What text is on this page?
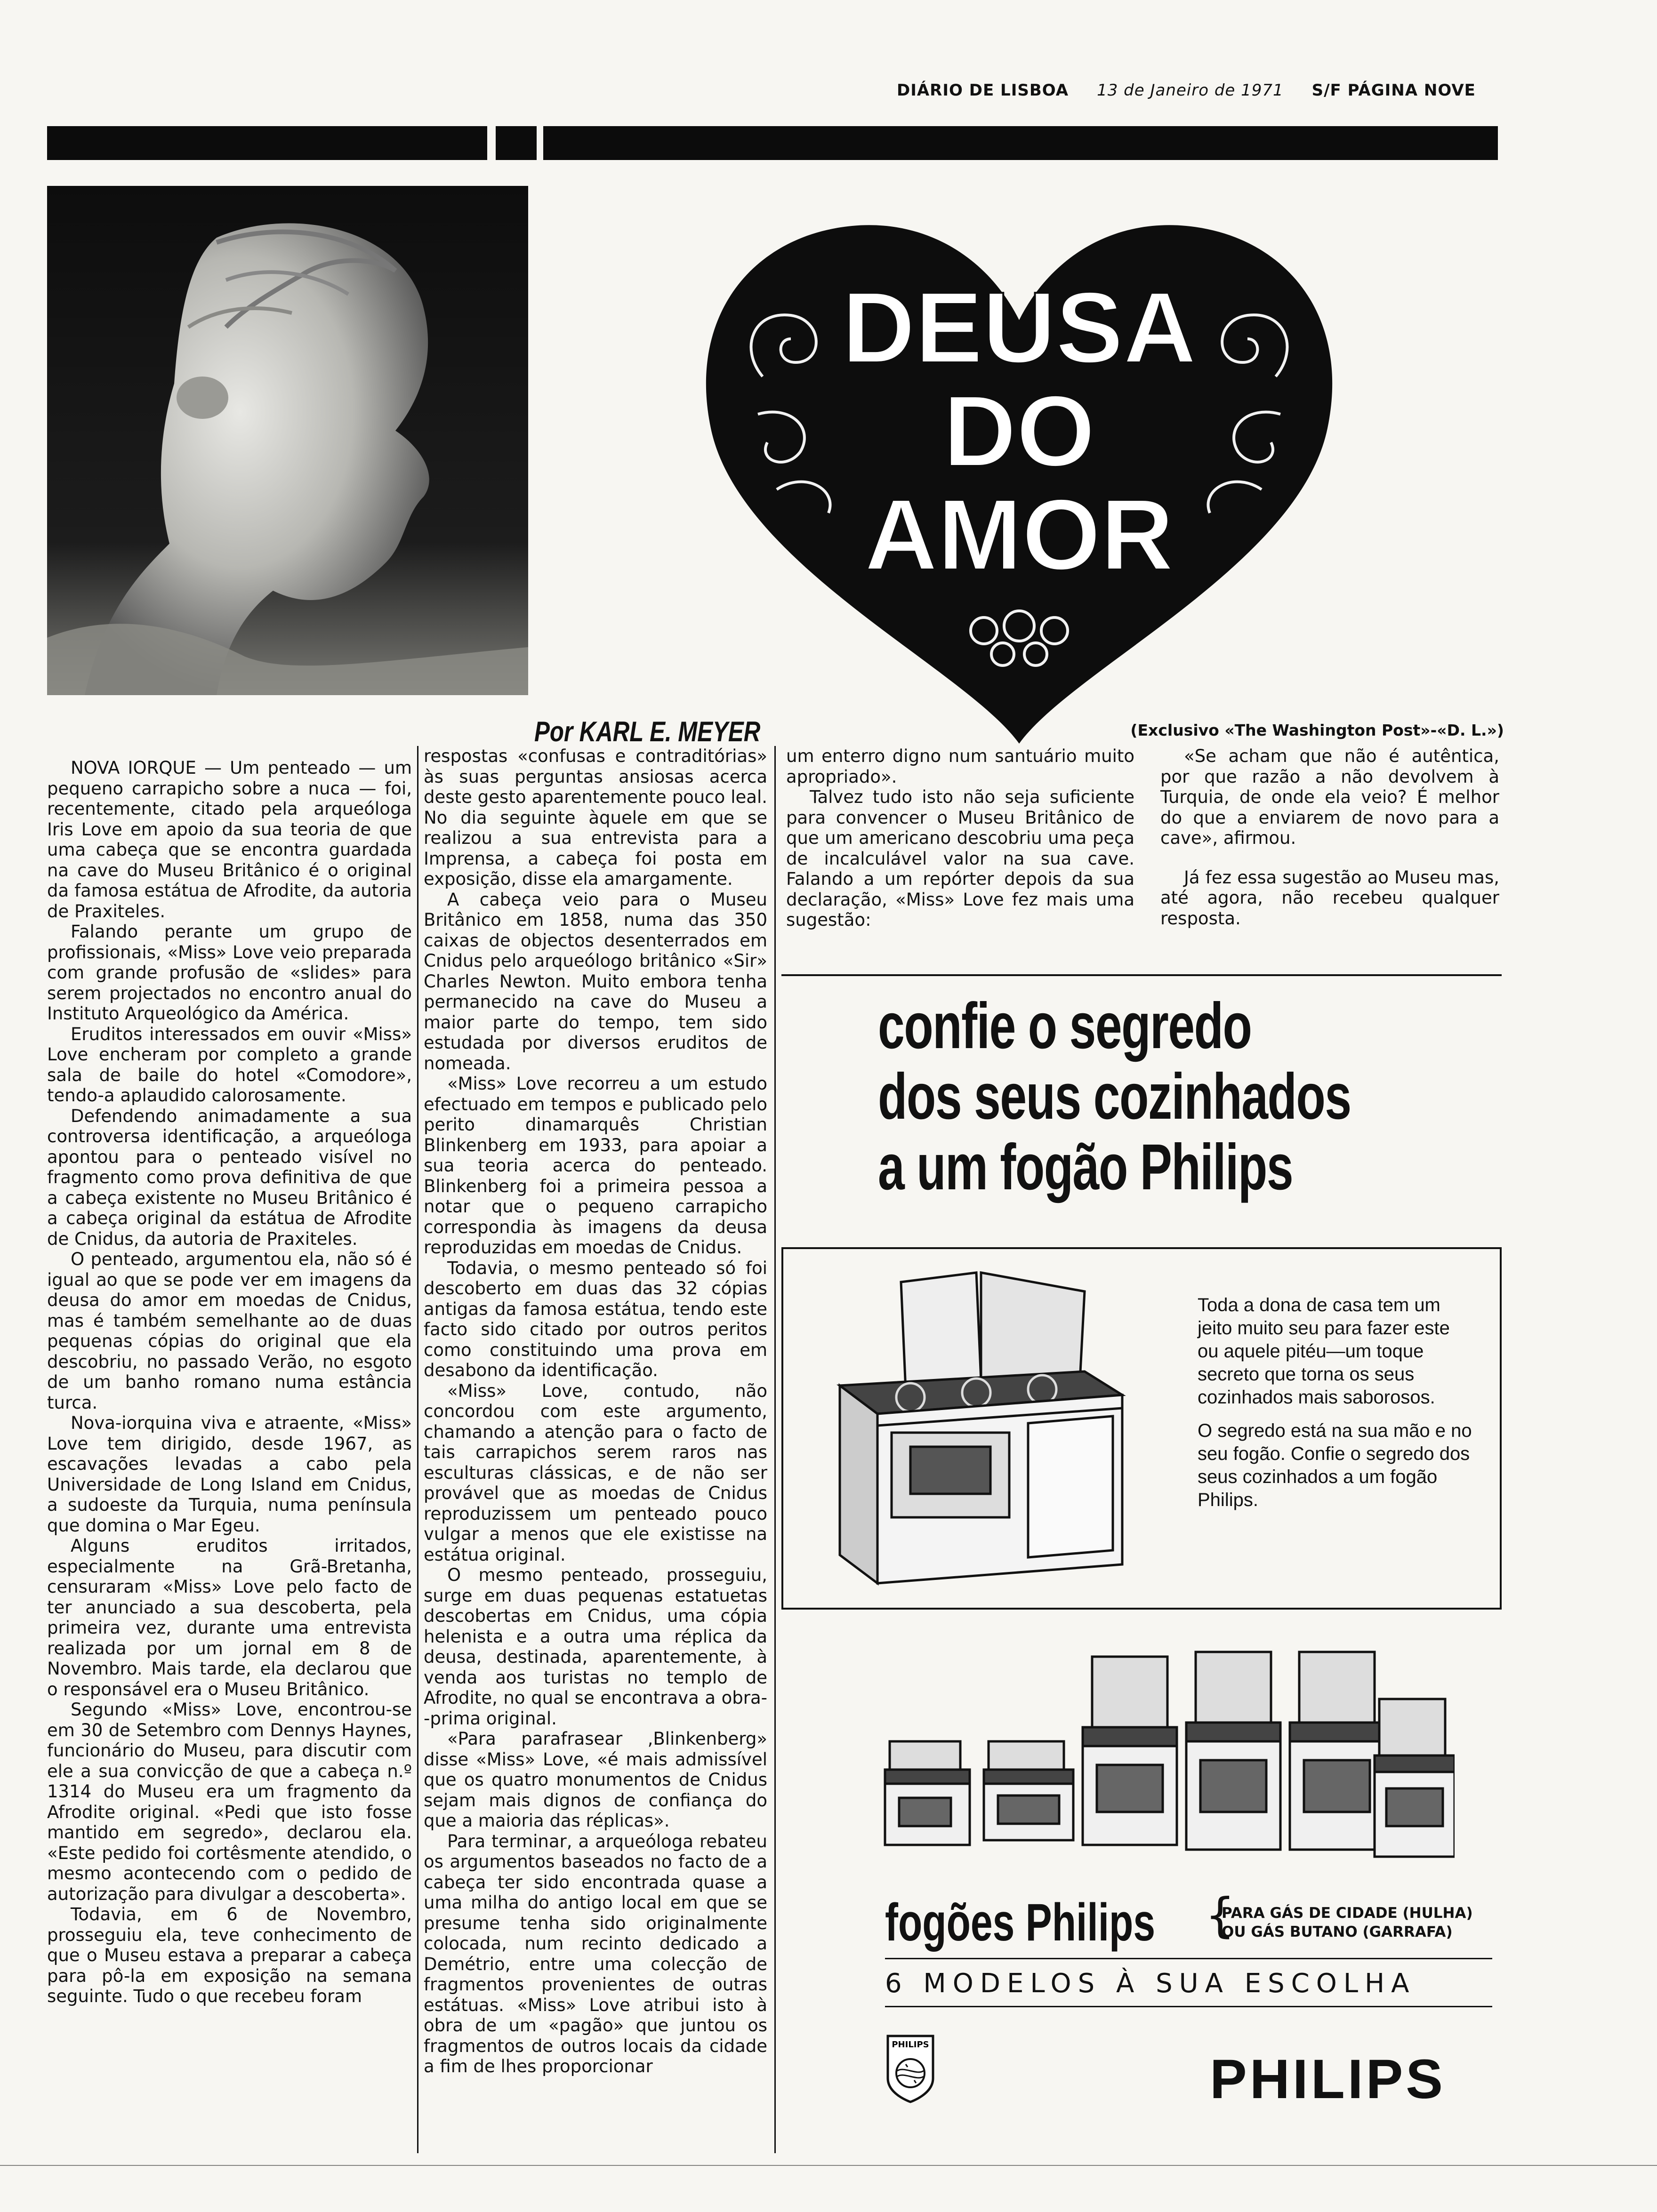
DIÁRIO DE LISBOA 13 de Janeiro de 1971 S/F PÁGINA NOVE
DEUSA
DO
AMOR
Por KARL E. MEYER	(Exclusivo «The Washington Post»-«D. L.»)

NOVA IORQUE — Um penteado — um pequeno carrapicho sobre a nuca — foi, recentemente, citado pela arqueóloga Iris Love em apoio da sua teoria de que uma cabeça que se encontra guardada na cave do Museu Britânico é o original da famosa estátua de Afrodite, da autoria de Praxiteles.

Falando perante um grupo de profissionais, «Miss» Love veio preparada com grande profusão de «slides» para serem projectados no encontro anual do Instituto Arqueológico da América.

Eruditos interessados em ouvir «Miss» Love encheram por completo a grande sala de baile do hotel «Comodore», tendo-a aplaudido calorosamente.

Defendendo animadamente a sua controversa identificação, a arqueóloga apontou para o penteado visível no fragmento como prova definitiva de que a cabeça existente no Museu Britânico é a cabeça original da estátua de Afrodite de Cnidus, da autoria de Praxiteles.

O penteado, argumentou ela, não só é igual ao que se pode ver em imagens da deusa do amor em moedas de Cnidus, mas é também semelhante ao de duas pequenas cópias do original que ela descobriu, no passado Verão, no esgoto de um banho romano numa estância turca.

Nova-iorquina viva e atraente, «Miss» Love tem dirigido, desde 1967, as escavações levadas a cabo pela Universidade de Long Island em Cnidus, a sudoeste da Turquia, numa península que domina o Mar Egeu.

Alguns eruditos irritados, especialmente na Grã-Bretanha, censuraram «Miss» Love pelo facto de ter anunciado a sua descoberta, pela primeira vez, durante uma entrevista realizada por um jornal em 8 de Novembro. Mais tarde, ela declarou que o responsável era o Museu Britânico.

Segundo «Miss» Love, encontrou-se em 30 de Setembro com Dennys Haynes, funcionário do Museu, para discutir com ele a sua convicção de que a cabeça n.º 1314 do Museu era um fragmento da Afrodite original. «Pedi que isto fosse mantido em segredo», declarou ela. «Este pedido foi cortêsmente atendido, o mesmo acontecendo com o pedido de autorização para divulgar a descoberta».

Todavia, em 6 de Novembro, prosseguiu ela, teve conhecimento de que o Museu estava a preparar a cabeça para pô-la em exposição na semana seguinte. Tudo o que recebeu foram

respostas «confusas e contraditórias» às suas perguntas ansiosas acerca deste gesto aparentemente pouco leal. No dia seguinte àquele em que se realizou a sua entrevista para a Imprensa, a cabeça foi posta em exposição, disse ela amargamente.

A cabeça veio para o Museu Britânico em 1858, numa das 350 caixas de objectos desenterrados em Cnidus pelo arqueólogo britânico «Sir» Charles Newton. Muito embora tenha permanecido na cave do Museu a maior parte do tempo, tem sido estudada por diversos eruditos de nomeada.

«Miss» Love recorreu a um estudo efectuado em tempos e publicado pelo perito dinamarquês Christian Blinkenberg em 1933, para apoiar a sua teoria acerca do penteado. Blinkenberg foi a primeira pessoa a notar que o pequeno carrapicho correspondia às imagens da deusa reproduzidas em moedas de Cnidus.

Todavia, o mesmo penteado só foi descoberto em duas das 32 cópias antigas da famosa estátua, tendo este facto sido citado por outros peritos como constituindo uma prova em desabono da identificação.

«Miss» Love, contudo, não concordou com este argumento, chamando a atenção para o facto de tais carrapichos serem raros nas esculturas clássicas, e de não ser provável que as moedas de Cnidus reproduzissem um penteado pouco vulgar a menos que ele existisse na estátua original.

O mesmo penteado, prosseguiu, surge em duas pequenas estatuetas descobertas em Cnidus, uma cópia helenista e a outra uma réplica da deusa, destinada, aparentemente, à venda aos turistas no templo de Afrodite, no qual se encontrava a obra--prima original.

«Para parafrasear ,Blinkenberg» disse «Miss» Love, «é mais admissível que os quatro monumentos de Cnidus sejam mais dignos de confiança do que a maioria das réplicas».

Para terminar, a arqueóloga rebateu os argumentos baseados no facto de a cabeça ter sido encontrada quase a uma milha do antigo local em que se presume tenha sido originalmente colocada, num recinto dedicado a Demétrio, entre uma colecção de fragmentos provenientes de outras estátuas. «Miss» Love atribui isto à obra de um «pagão» que juntou os fragmentos de outros locais da cidade a fim de lhes proporcionar

um enterro digno num santuário muito apropriado».

Talvez tudo isto não seja suficiente para convencer o Museu Britânico de que um americano descobriu uma peça de incalculável valor na sua cave. Falando a um repórter depois da sua declaração, «Miss» Love fez mais uma sugestão:

«Se acham que não é autêntica, por que razão a não devolvem à Turquia, de onde ela veio? É melhor do que a enviarem de novo para a cave», afirmou.

Já fez essa sugestão ao Museu mas, até agora, não recebeu qualquer resposta.

confie o segredo
dos seus cozinhados
a um fogão Philips

Toda a dona de casa tem um jeito muito seu para fazer este ou aquele pitéu—um toque secreto que torna os seus cozinhados mais saborosos.

O segredo está na sua mão e no seu fogão. Confie o segredo dos seus cozinhados a um fogão Philips.

fogões Philips	{
PARA GÁS DE CIDADE (HULHA)
OU GÁS BUTANO (GARRAFA)
6 MODELOS À SUA ESCOLHA
PHILIPS
PHILIPS
